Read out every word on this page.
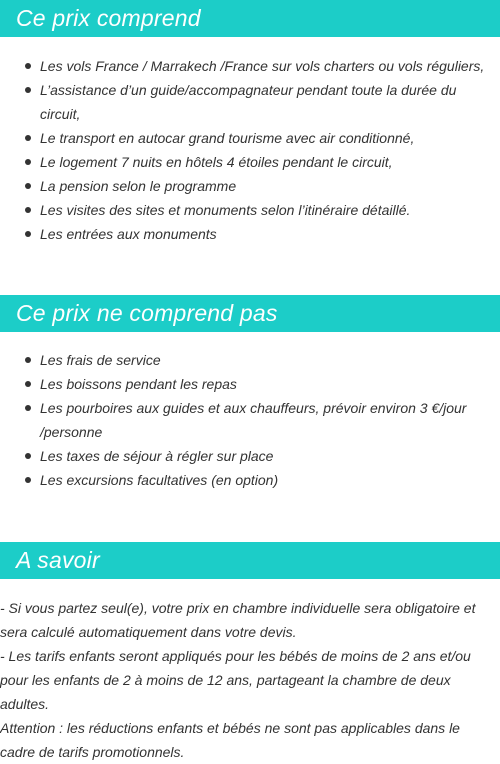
Ce prix comprend
Les vols France / Marrakech /France sur vols charters ou vols réguliers,
L’assistance d’un guide/accompagnateur pendant toute la durée du circuit,
Le transport en autocar grand tourisme avec air conditionné,
Le logement 7 nuits en hôtels 4 étoiles pendant le circuit,
La pension selon le programme
Les visites des sites et monuments selon l’itinéraire détaillé.
Les entrées aux monuments
Ce prix ne comprend pas
Les frais de service
Les boissons pendant les repas
Les pourboires aux guides et aux chauffeurs, prévoir environ 3 €/jour /personne
Les taxes de séjour à régler sur place
Les excursions facultatives (en option)
A savoir

- Si vous partez seul(e), votre prix en chambre individuelle sera obligatoire et sera calculé automatiquement dans votre devis.

- Les tarifs enfants seront appliqués pour les bébés de moins de 2 ans et/ou pour les enfants de 2 à moins de 12 ans, partageant la chambre de deux adultes.

Attention : les réductions enfants et bébés ne sont pas applicables dans le cadre de tarifs promotionnels.
